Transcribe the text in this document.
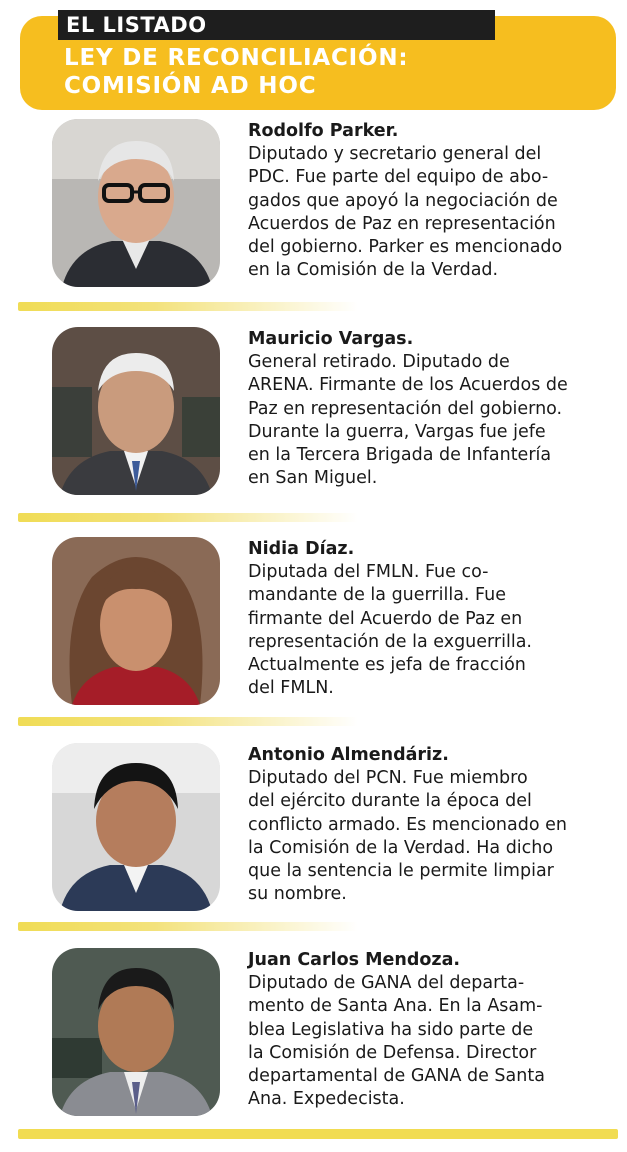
EL LISTADO
LEY DE RECONCILIACIÓN:
COMISIÓN AD HOC
Rodolfo Parker.
Diputado y secretario general del
PDC. Fue parte del equipo de abo-
gados que apoyó la negociación de
Acuerdos de Paz en representación
del gobierno. Parker es mencionado
en la Comisión de la Verdad.
Mauricio Vargas.
General retirado. Diputado de
ARENA. Firmante de los Acuerdos de
Paz en representación del gobierno.
Durante la guerra, Vargas fue jefe
en la Tercera Brigada de Infantería
en San Miguel.
Nidia Díaz.
Diputada del FMLN. Fue co-
mandante de la guerrilla. Fue
firmante del Acuerdo de Paz en
representación de la exguerrilla.
Actualmente es jefa de fracción
del FMLN.
Antonio Almendáriz.
Diputado del PCN. Fue miembro
del ejército durante la época del
conflicto armado. Es mencionado en
la Comisión de la Verdad. Ha dicho
que la sentencia le permite limpiar
su nombre.
Juan Carlos Mendoza.
Diputado de GANA del departa-
mento de Santa Ana. En la Asam-
blea Legislativa ha sido parte de
la Comisión de Defensa. Director
departamental de GANA de Santa
Ana. Expedecista.
